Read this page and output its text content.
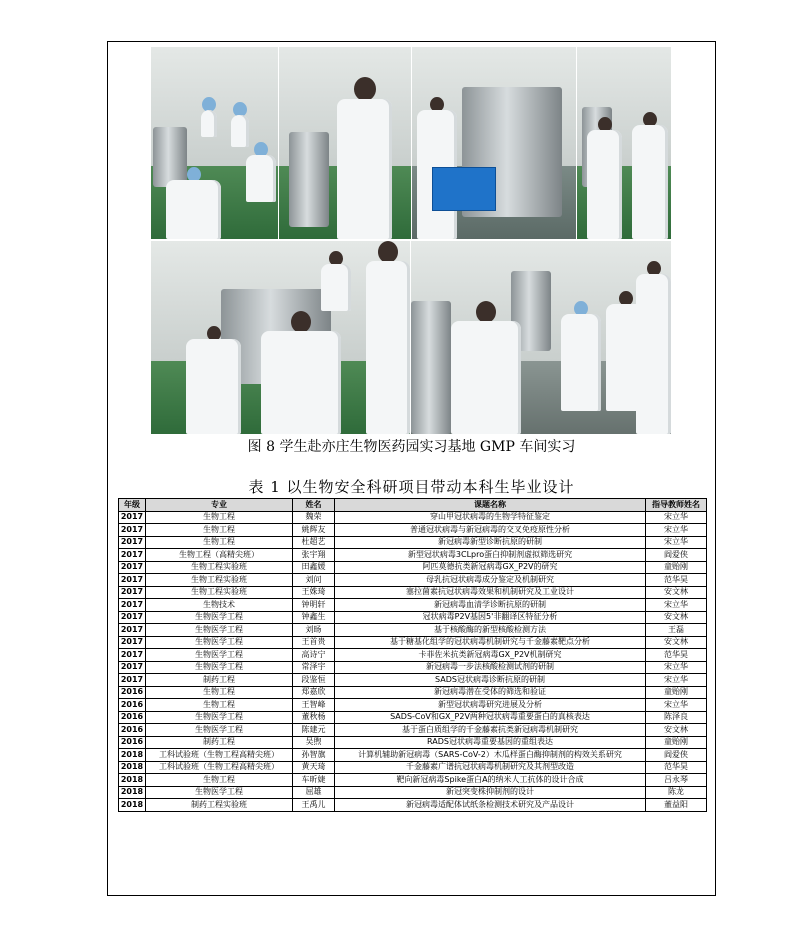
图 8 学生赴亦庄生物医药园实习基地 GMP 车间实习
表 1 以生物安全科研项目带动本科生毕业设计
年级	专业	姓名	课题名称	指导教师姓名
2017	生物工程	魏荣	穿山甲冠状病毒的生物学特征鉴定	宋立华
2017	生物工程	姚辉友	普通冠状病毒与新冠病毒的交叉免疫原性分析	宋立华
2017	生物工程	杜超艺	新冠病毒新型诊断抗原的研制	宋立华
2017	生物工程（高精尖班）	张宇翔	新型冠状病毒3CLpro蛋白抑制剂虚拟筛选研究	阎爱侠
2017	生物工程实验班	田鑫媛	阿匹莫德抗类新冠病毒GX_P2V的研究	童贻刚
2017	生物工程实验班	刘问	母乳抗冠状病毒成分鉴定及机制研究	范华昊
2017	生物工程实验班	王姝琦	塞拉菌素抗冠状病毒效果和机制研究及工业设计	安文林
2017	生物技术	钟明轩	新冠病毒血清学诊断抗原的研制	宋立华
2017	生物医学工程	钟鑫生	冠状病毒P2V基因5'非翻译区特征分析	安文林
2017	生物医学工程	刘旸	基于核酸酶的新型核酸检测方法	王磊
2017	生物医学工程	王首贵	基于糖基化组学的冠状病毒机制研究与千金藤素靶点分析	安文林
2017	生物医学工程	高诗宁	卡菲佐米抗类新冠病毒GX_P2V机制研究	范华昊
2017	生物医学工程	常泽宇	新冠病毒一步法核酸检测试剂的研制	宋立华
2017	制药工程	段鉴恒	SADS冠状病毒诊断抗原的研制	宋立华
2016	生物工程	郑嘉欣	新冠病毒潜在受体的筛选和验证	童贻刚
2016	生物工程	王智峰	新型冠状病毒研究进展及分析	宋立华
2016	生物医学工程	董秋杨	SADS-CoV和GX_P2V两种冠状病毒重要蛋白的真核表达	陈泽良
2016	生物医学工程	陈建元	基于蛋白质组学的千金藤素抗类新冠病毒机制研究	安文林
2016	制药工程	吴煦	RADS冠状病毒重要基因的重组表达	童贻刚
2018	工科试验班（生物工程高精尖班）	孙智旗	计算机辅助新冠病毒（SARS-CoV-2）木瓜样蛋白酶抑制剂的构效关系研究	阎爱侠
2018	工科试验班（生物工程高精尖班）	黄天琦	千金藤素广谱抗冠状病毒机制研究及其剂型改造	范华昊
2018	生物工程	车昕婕	靶向新冠病毒Spike蛋白A的纳米人工抗体的设计合成	吕永琴
2018	生物医学工程	屈雄	新冠突变株抑制剂的设计	陈龙
2018	制药工程实验班	王禹儿	新冠病毒适配体试纸条检测技术研究及产品设计	董益阳
